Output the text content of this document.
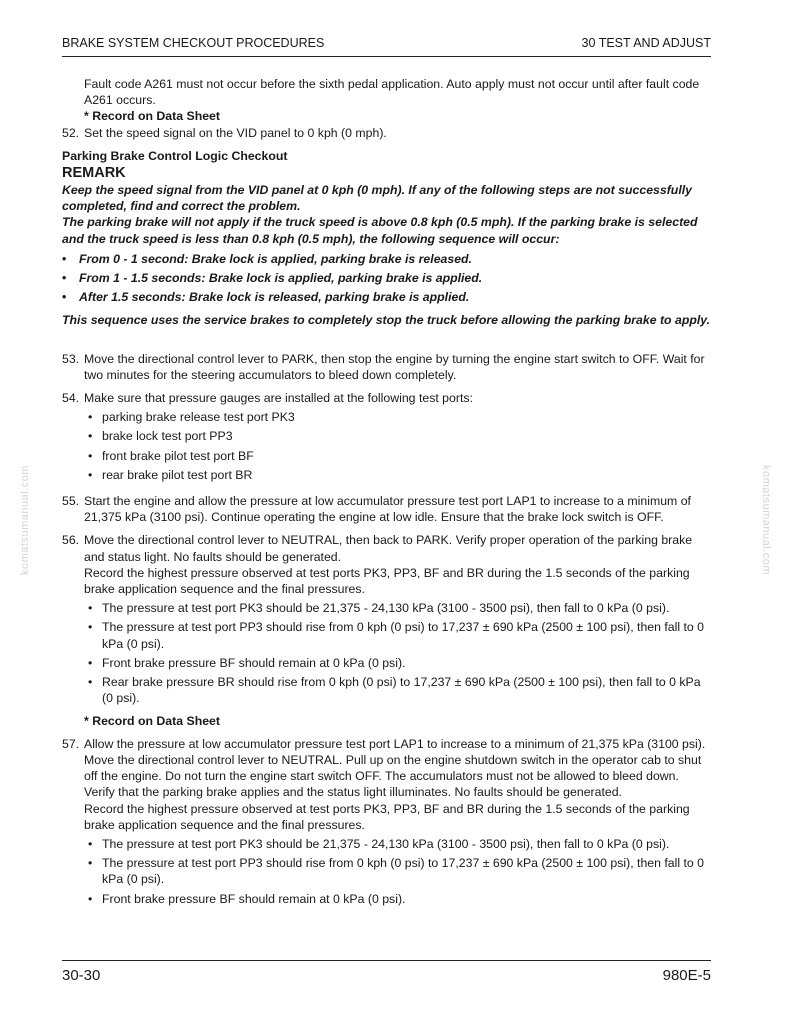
BRAKE SYSTEM CHECKOUT PROCEDURES	30 TEST AND ADJUST
komatsumanual.com	komatsumanual.com

Fault code A261 must not occur before the sixth pedal application. Auto apply must not occur until after fault code A261 occurs.

* Record on Data Sheet

52. Set the speed signal on the VID panel to 0 kph (0 mph).

Parking Brake Control Logic Checkout

REMARK

Keep the speed signal from the VID panel at 0 kph (0 mph). If any of the following steps are not successfully completed, find and correct the problem.

The parking brake will not apply if the truck speed is above 0.8 kph (0.5 mph). If the parking brake is selected and the truck speed is less than 0.8 kph (0.5 mph), the following sequence will occur:

• From 0 - 1 second: Brake lock is applied, parking brake is released.
• From 1 - 1.5 seconds: Brake lock is applied, parking brake is applied.
• After 1.5 seconds: Brake lock is released, parking brake is applied.

This sequence uses the service brakes to completely stop the truck before allowing the parking brake to apply.

53. Move the directional control lever to PARK, then stop the engine by turning the engine start switch to OFF. Wait for two minutes for the steering accumulators to bleed down completely.
54. Make sure that pressure gauges are installed at the following test ports:

• parking brake release test port PK3
• brake lock test port PP3
• front brake pilot test port BF
• rear brake pilot test port BR
55. Start the engine and allow the pressure at low accumulator pressure test port LAP1 to increase to a minimum of 21,375 kPa (3100 psi). Continue operating the engine at low idle. Ensure that the brake lock switch is OFF.
56. Move the directional control lever to NEUTRAL, then back to PARK. Verify proper operation of the parking brake and status light. No faults should be generated.

Record the highest pressure observed at test ports PK3, PP3, BF and BR during the 1.5 seconds of the parking brake application sequence and the final pressures.

• The pressure at test port PK3 should be 21,375 - 24,130 kPa (3100 - 3500 psi), then fall to 0 kPa (0 psi).
• The pressure at test port PP3 should rise from 0 kph (0 psi) to 17,237 ± 690 kPa (2500 ± 100 psi), then fall to 0 kPa (0 psi).
• Front brake pressure BF should remain at 0 kPa (0 psi).
• Rear brake pressure BR should rise from 0 kph (0 psi) to 17,237 ± 690 kPa (2500 ± 100 psi), then fall to 0 kPa (0 psi).

* Record on Data Sheet

57. Allow the pressure at low accumulator pressure test port LAP1 to increase to a minimum of 21,375 kPa (3100 psi). Move the directional control lever to NEUTRAL. Pull up on the engine shutdown switch in the operator cab to shut off the engine. Do not turn the engine start switch OFF. The accumulators must not be allowed to bleed down. Verify that the parking brake applies and the status light illuminates. No faults should be generated.

Record the highest pressure observed at test ports PK3, PP3, BF and BR during the 1.5 seconds of the parking brake application sequence and the final pressures.

• The pressure at test port PK3 should be 21,375 - 24,130 kPa (3100 - 3500 psi), then fall to 0 kPa (0 psi).
• The pressure at test port PP3 should rise from 0 kph (0 psi) to 17,237 ± 690 kPa (2500 ± 100 psi), then fall to 0 kPa (0 psi).
• Front brake pressure BF should remain at 0 kPa (0 psi).
30-30	980E-5
